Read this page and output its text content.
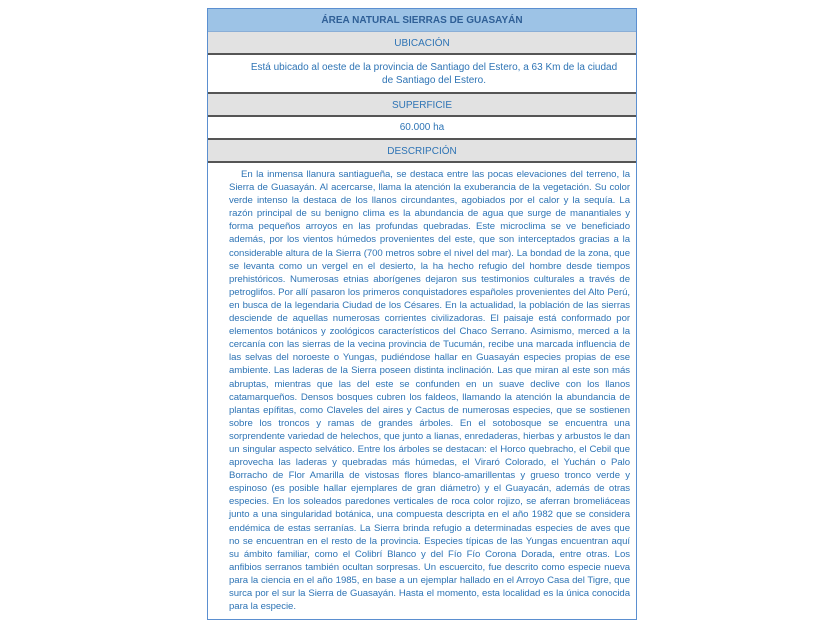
ÁREA NATURAL SIERRAS DE GUASAYÁN
UBICACIÓN
Está ubicado al oeste de la provincia de Santiago del Estero, a 63 Km de la ciudad de Santiago del Estero.
SUPERFICIE
60.000 ha
DESCRIPCIÓN

En la inmensa llanura santiagueña, se destaca entre las pocas elevaciones del terreno, la Sierra de Guasayán. Al acercarse, llama la atención la exuberancia de la vegetación. Su color verde intenso la destaca de los llanos circundantes, agobiados por el calor y la sequía. La razón principal de su benigno clima es la abundancia de agua que surge de manantiales y forma pequeños arroyos en las profundas quebradas. Este microclima se ve beneficiado además, por los vientos húmedos provenientes del este, que son interceptados gracias a la considerable altura de la Sierra (700 metros sobre el nivel del mar). La bondad de la zona, que se levanta como un vergel en el desierto, la ha hecho refugio del hombre desde tiempos prehistóricos. Numerosas etnias aborígenes dejaron sus testimonios culturales a través de petroglifos. Por allí pasaron los primeros conquistadores españoles provenientes del Alto Perú, en busca de la legendaria Ciudad de los Césares. En la actualidad, la población de las sierras desciende de aquellas numerosas corrientes civilizadoras. El paisaje está conformado por elementos botánicos y zoológicos característicos del Chaco Serrano. Asimismo, merced a la cercanía con las sierras de la vecina provincia de Tucumán, recibe una marcada influencia de las selvas del noroeste o Yungas, pudiéndose hallar en Guasayán especies propias de ese ambiente. Las laderas de la Sierra poseen distinta inclinación. Las que miran al este son más abruptas, mientras que las del este se confunden en un suave declive con los llanos catamarqueños. Densos bosques cubren los faldeos, llamando la atención la abundancia de plantas epífitas, como Claveles del aires y Cactus de numerosas especies, que se sostienen sobre los troncos y ramas de grandes árboles. En el sotobosque se encuentra una sorprendente variedad de helechos, que junto a lianas, enredaderas, hierbas y arbustos le dan un singular aspecto selvático. Entre los árboles se destacan: el Horco quebracho, el Cebil que aprovecha las laderas y quebradas más húmedas, el Viraró Colorado, el Yuchán o Palo Borracho de Flor Amarilla de vistosas flores blanco-amarillentas y grueso tronco verde y espinoso (es posible hallar ejemplares de gran diámetro) y el Guayacán, además de otras especies. En los soleados paredones verticales de roca color rojizo, se aferran bromeliáceas junto a una singularidad botánica, una compuesta descripta en el año 1982 que se considera endémica de estas serranías. La Sierra brinda refugio a determinadas especies de aves que no se encuentran en el resto de la provincia. Especies típicas de las Yungas encuentran aquí su ámbito familiar, como el Colibrí Blanco y del Fío Fío Corona Dorada, entre otras. Los anfibios serranos también ocultan sorpresas. Un escuercito, fue descrito como especie nueva para la ciencia en el año 1985, en base a un ejemplar hallado en el Arroyo Casa del Tigre, que surca por el sur la Sierra de Guasayán. Hasta el momento, esta localidad es la única conocida para la especie.
